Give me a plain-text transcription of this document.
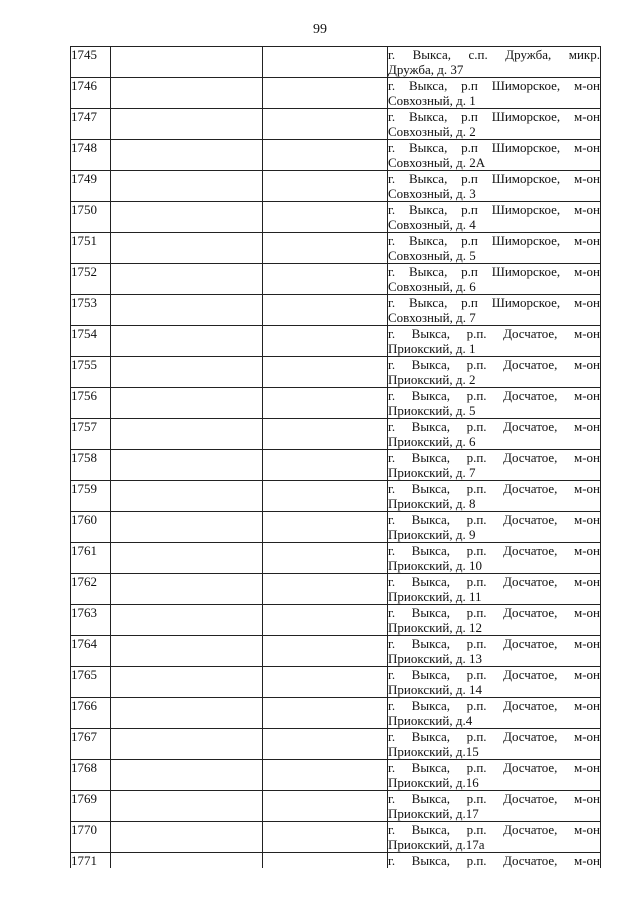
99
1745			г. Выкса, с.п. Дружба, микр.
Дружба, д. 37

1746			г. Выкса, р.п Шиморское, м-он
Совхозный, д. 1

1747			г. Выкса, р.п Шиморское, м-он
Совхозный, д. 2

1748			г. Выкса, р.п Шиморское, м-он
Совхозный, д. 2А

1749			г. Выкса, р.п Шиморское, м-он
Совхозный, д. 3

1750			г. Выкса, р.п Шиморское, м-он
Совхозный, д. 4

1751			г. Выкса, р.п Шиморское, м-он
Совхозный, д. 5

1752			г. Выкса, р.п Шиморское, м-он
Совхозный, д. 6

1753			г. Выкса, р.п Шиморское, м-он
Совхозный, д. 7

1754			г. Выкса, р.п. Досчатое, м-он
Приокский, д. 1

1755			г. Выкса, р.п. Досчатое, м-он
Приокский, д. 2

1756			г. Выкса, р.п. Досчатое, м-он
Приокский, д. 5

1757			г. Выкса, р.п. Досчатое, м-он
Приокский, д. 6

1758			г. Выкса, р.п. Досчатое, м-он
Приокский, д. 7

1759			г. Выкса, р.п. Досчатое, м-он
Приокский, д. 8

1760			г. Выкса, р.п. Досчатое, м-он
Приокский, д. 9

1761			г. Выкса, р.п. Досчатое, м-он
Приокский, д. 10

1762			г. Выкса, р.п. Досчатое, м-он
Приокский, д. 11

1763			г. Выкса, р.п. Досчатое, м-он
Приокский, д. 12

1764			г. Выкса, р.п. Досчатое, м-он
Приокский, д. 13

1765			г. Выкса, р.п. Досчатое, м-он
Приокский, д. 14

1766			г. Выкса, р.п. Досчатое, м-он
Приокский, д.4

1767			г. Выкса, р.п. Досчатое, м-он
Приокский, д.15

1768			г. Выкса, р.п. Досчатое, м-он
Приокский, д.16

1769			г. Выкса, р.п. Досчатое, м-он
Приокский, д.17

1770			г. Выкса, р.п. Досчатое, м-он
Приокский, д.17а

1771			г. Выкса, р.п. Досчатое, м-он
